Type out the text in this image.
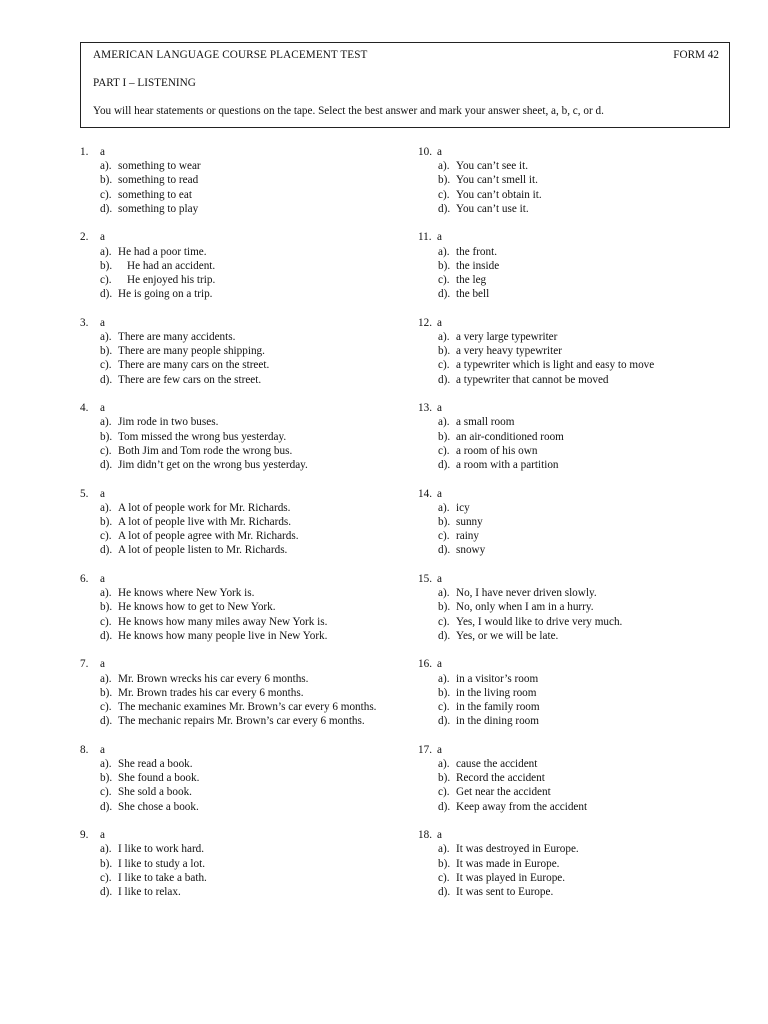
AMERICAN LANGUAGE COURSE PLACEMENT TEST	FORM 42
PART I – LISTENING
You will hear statements or questions on the tape. Select the best answer and mark your answer sheet, a, b, c, or d.
1. a
a). something to wear
b). something to read
c). something to eat
d). something to play
2. a
a). He had a poor time.
b).	He had an accident.
c).	He enjoyed his trip.
d). He is going on a trip.
3. a
a). There are many accidents.
b). There are many people shipping.
c). There are many cars on the street.
d). There are few cars on the street.
4. a
a). Jim rode in two buses.
b). Tom missed the wrong bus yesterday.
c). Both Jim and Tom rode the wrong bus.
d). Jim didn’t get on the wrong bus yesterday.
5. a
a). A lot of people work for Mr. Richards.
b). A lot of people live with Mr. Richards.
c). A lot of people agree with Mr. Richards.
d). A lot of people listen to Mr. Richards.
6. a
a). He knows where New York is.
b). He knows how to get to New York.
c). He knows how many miles away New York is.
d). He knows how many people live in New York.
7. a
a). Mr. Brown wrecks his car every 6 months.
b). Mr. Brown trades his car every 6 months.
c). The mechanic examines Mr. Brown’s car every 6 months.
d). The mechanic repairs Mr. Brown’s car every 6 months.
8. a
a). She read a book.
b). She found a book.
c). She sold a book.
d). She chose a book.
9. a
a). I like to work hard.
b). I like to study a lot.
c). I like to take a bath.
d). I like to relax.
10. a
a). You can’t see it.
b). You can’t smell it.
c). You can’t obtain it.
d). You can’t use it.
11. a
a). the front.
b). the inside
c). the leg
d). the bell
12. a
a). a very large typewriter
b). a very heavy typewriter
c). a typewriter which is light and easy to move
d). a typewriter that cannot be moved
13. a
a). a small room
b). an air-conditioned room
c). a room of his own
d). a room with a partition
14. a
a). icy
b). sunny
c). rainy
d). snowy
15. a
a). No, I have never driven slowly.
b). No, only when I am in a hurry.
c). Yes, I would like to drive very much.
d). Yes, or we will be late.
16. a
a). in a visitor’s room
b). in the living room
c). in the family room
d). in the dining room
17. a
a). cause the accident
b). Record the accident
c). Get near the accident
d). Keep away from the accident
18. a
a). It was destroyed in Europe.
b). It was made in Europe.
c). It was played in Europe.
d). It was sent to Europe.
